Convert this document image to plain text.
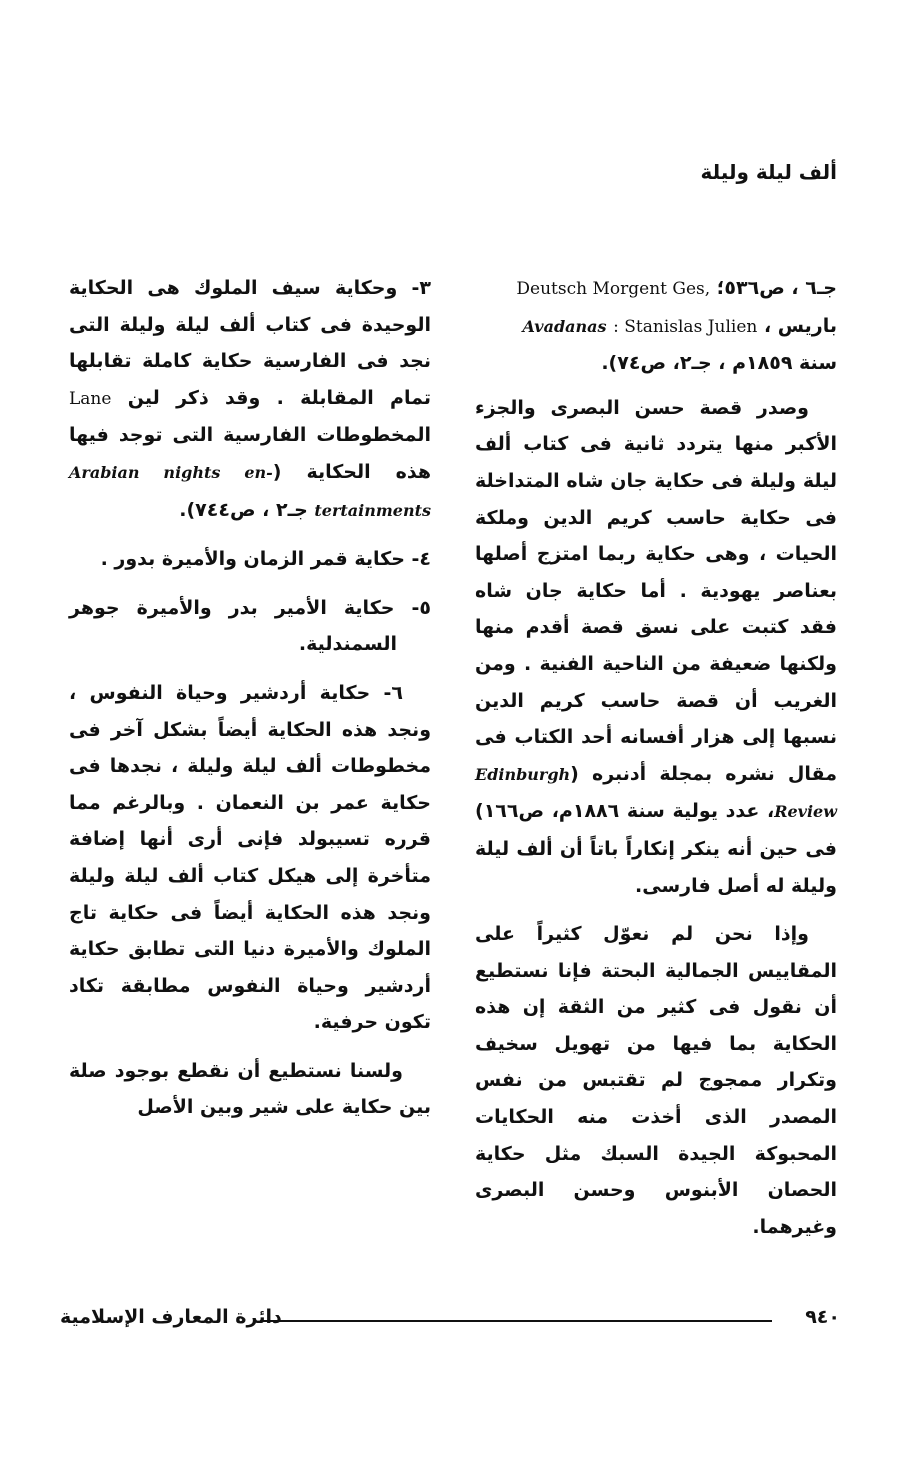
ألف ليلة وليلة

جـ٦ ، ص٥٣٦؛ Deutsch Morgent Ges,
باريس ، Avadanas : Stanislas Julien
سنة ١٨٥٩م ، جـ٢، ص٧٤).

وصدر قصة حسن البصرى والجزء الأكبر منها يتردد ثانية فى كتاب ألف ليلة وليلة فى حكاية جان شاه المتداخلة فى حكاية حاسب كريم الدين وملكة الحيات ، وهى حكاية ربما امتزج أصلها بعناصر يهودية . أما حكاية جان شاه فقد كتبت على نسق قصة أقدم منها ولكنها ضعيفة من الناحية الفنية . ومن الغريب أن قصة حاسب كريم الدين نسبها إلى هزار أفسانه أحد الكتاب فى مقال نشره بمجلة أدنبره (Edinburgh Review، عدد يولية سنة ١٨٨٦م، ص١٦٦) فى حين أنه ينكر إنكاراً باتاً أن ألف ليلة وليلة له أصل فارسى.

وإذا نحن لم نعوّل كثيراً على المقاييس الجمالية البحتة فإنا نستطيع أن نقول فى كثير من الثقة إن هذه الحكاية بما فيها من تهويل سخيف وتكرار ممجوج لم تقتبس من نفس المصدر الذى أخذت منه الحكايات المحبوكة الجيدة السبك مثل حكاية الحصان الأبنوس وحسن البصرى وغيرهما.

٣- وحكاية سيف الملوك هى الحكاية الوحيدة فى كتاب ألف ليلة وليلة التى نجد فى الفارسية حكاية كاملة تقابلها تمام المقابلة . وقد ذكر لين Lane المخطوطات الفارسية التى توجد فيها هذه الحكاية (Arabian nights en- tertainments جـ٢ ، ص٧٤٤).

٤- حكاية قمر الزمان والأميرة بدور .

٥- حكاية الأمير بدر والأميرة جوهر السمندلية.

٦- حكاية أردشير وحياة النفوس ، ونجد هذه الحكاية أيضاً بشكل آخر فى مخطوطات ألف ليلة وليلة ، نجدها فى حكاية عمر بن النعمان . وبالرغم مما قرره تسيبولد فإنى أرى أنها إضافة متأخرة إلى هيكل كتاب ألف ليلة وليلة ونجد هذه الحكاية أيضاً فى حكاية تاج الملوك والأميرة دنيا التى تطابق حكاية أردشير وحياة النفوس مطابقة تكاد تكون حرفية.

ولسنا نستطيع أن نقطع بوجود صلة بين حكاية على شير وبين الأصل

٩٤٠
دائرة المعارف الإسلامية
